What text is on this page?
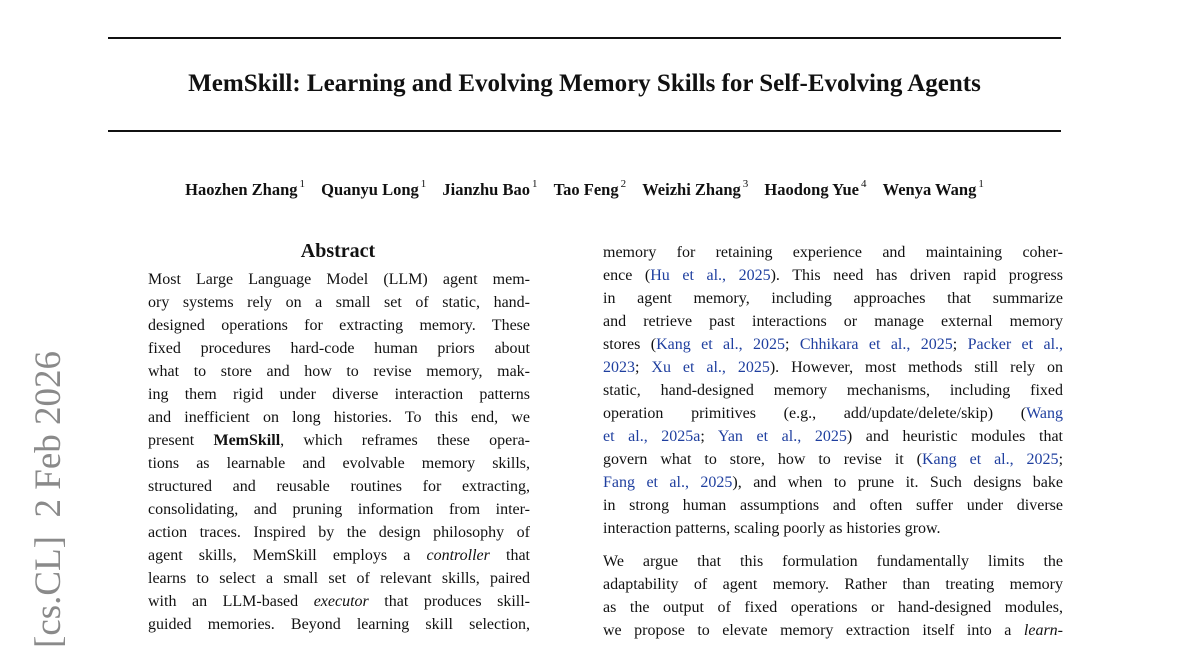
MemSkill: Learning and Evolving Memory Skills for Self-Evolving Agents
Haozhen Zhang $^1$ Quanyu Long $^1$ Jianzhu Bao $^1$ Tao Feng $^2$ Weizhi Zhang $^3$ Haodong Yue $^4$ Wenya Wang $^1$
[cs.CL]  2 Feb 2026
Abstract
Most Large Language Model (LLM) agent mem-
ory systems rely on a small set of static, hand-
designed operations for extracting memory. These
fixed procedures hard-code human priors about
what to store and how to revise memory, mak-
ing them rigid under diverse interaction patterns
and inefficient on long histories. To this end, we
present MemSkill, which reframes these opera-
tions as learnable and evolvable memory skills,
structured and reusable routines for extracting,
consolidating, and pruning information from inter-
action traces. Inspired by the design philosophy of
agent skills, MemSkill employs a controller that
learns to select a small set of relevant skills, paired
with an LLM-based executor that produces skill-
guided memories. Beyond learning skill selection,
memory for retaining experience and maintaining coher-
ence (Hu et al., 2025). This need has driven rapid progress
in agent memory, including approaches that summarize
and retrieve past interactions or manage external memory
stores (Kang et al., 2025; Chhikara et al., 2025; Packer et al.,
2023; Xu et al., 2025). However, most methods still rely on
static, hand-designed memory mechanisms, including fixed
operation primitives (e.g., add/update/delete/skip) (Wang
et al., 2025a; Yan et al., 2025) and heuristic modules that
govern what to store, how to revise it (Kang et al., 2025;
Fang et al., 2025), and when to prune it. Such designs bake
in strong human assumptions and often suffer under diverse
interaction patterns, scaling poorly as histories grow.
We argue that this formulation fundamentally limits the
adaptability of agent memory. Rather than treating memory
as the output of fixed operations or hand-designed modules,
we propose to elevate memory extraction itself into a learn-
